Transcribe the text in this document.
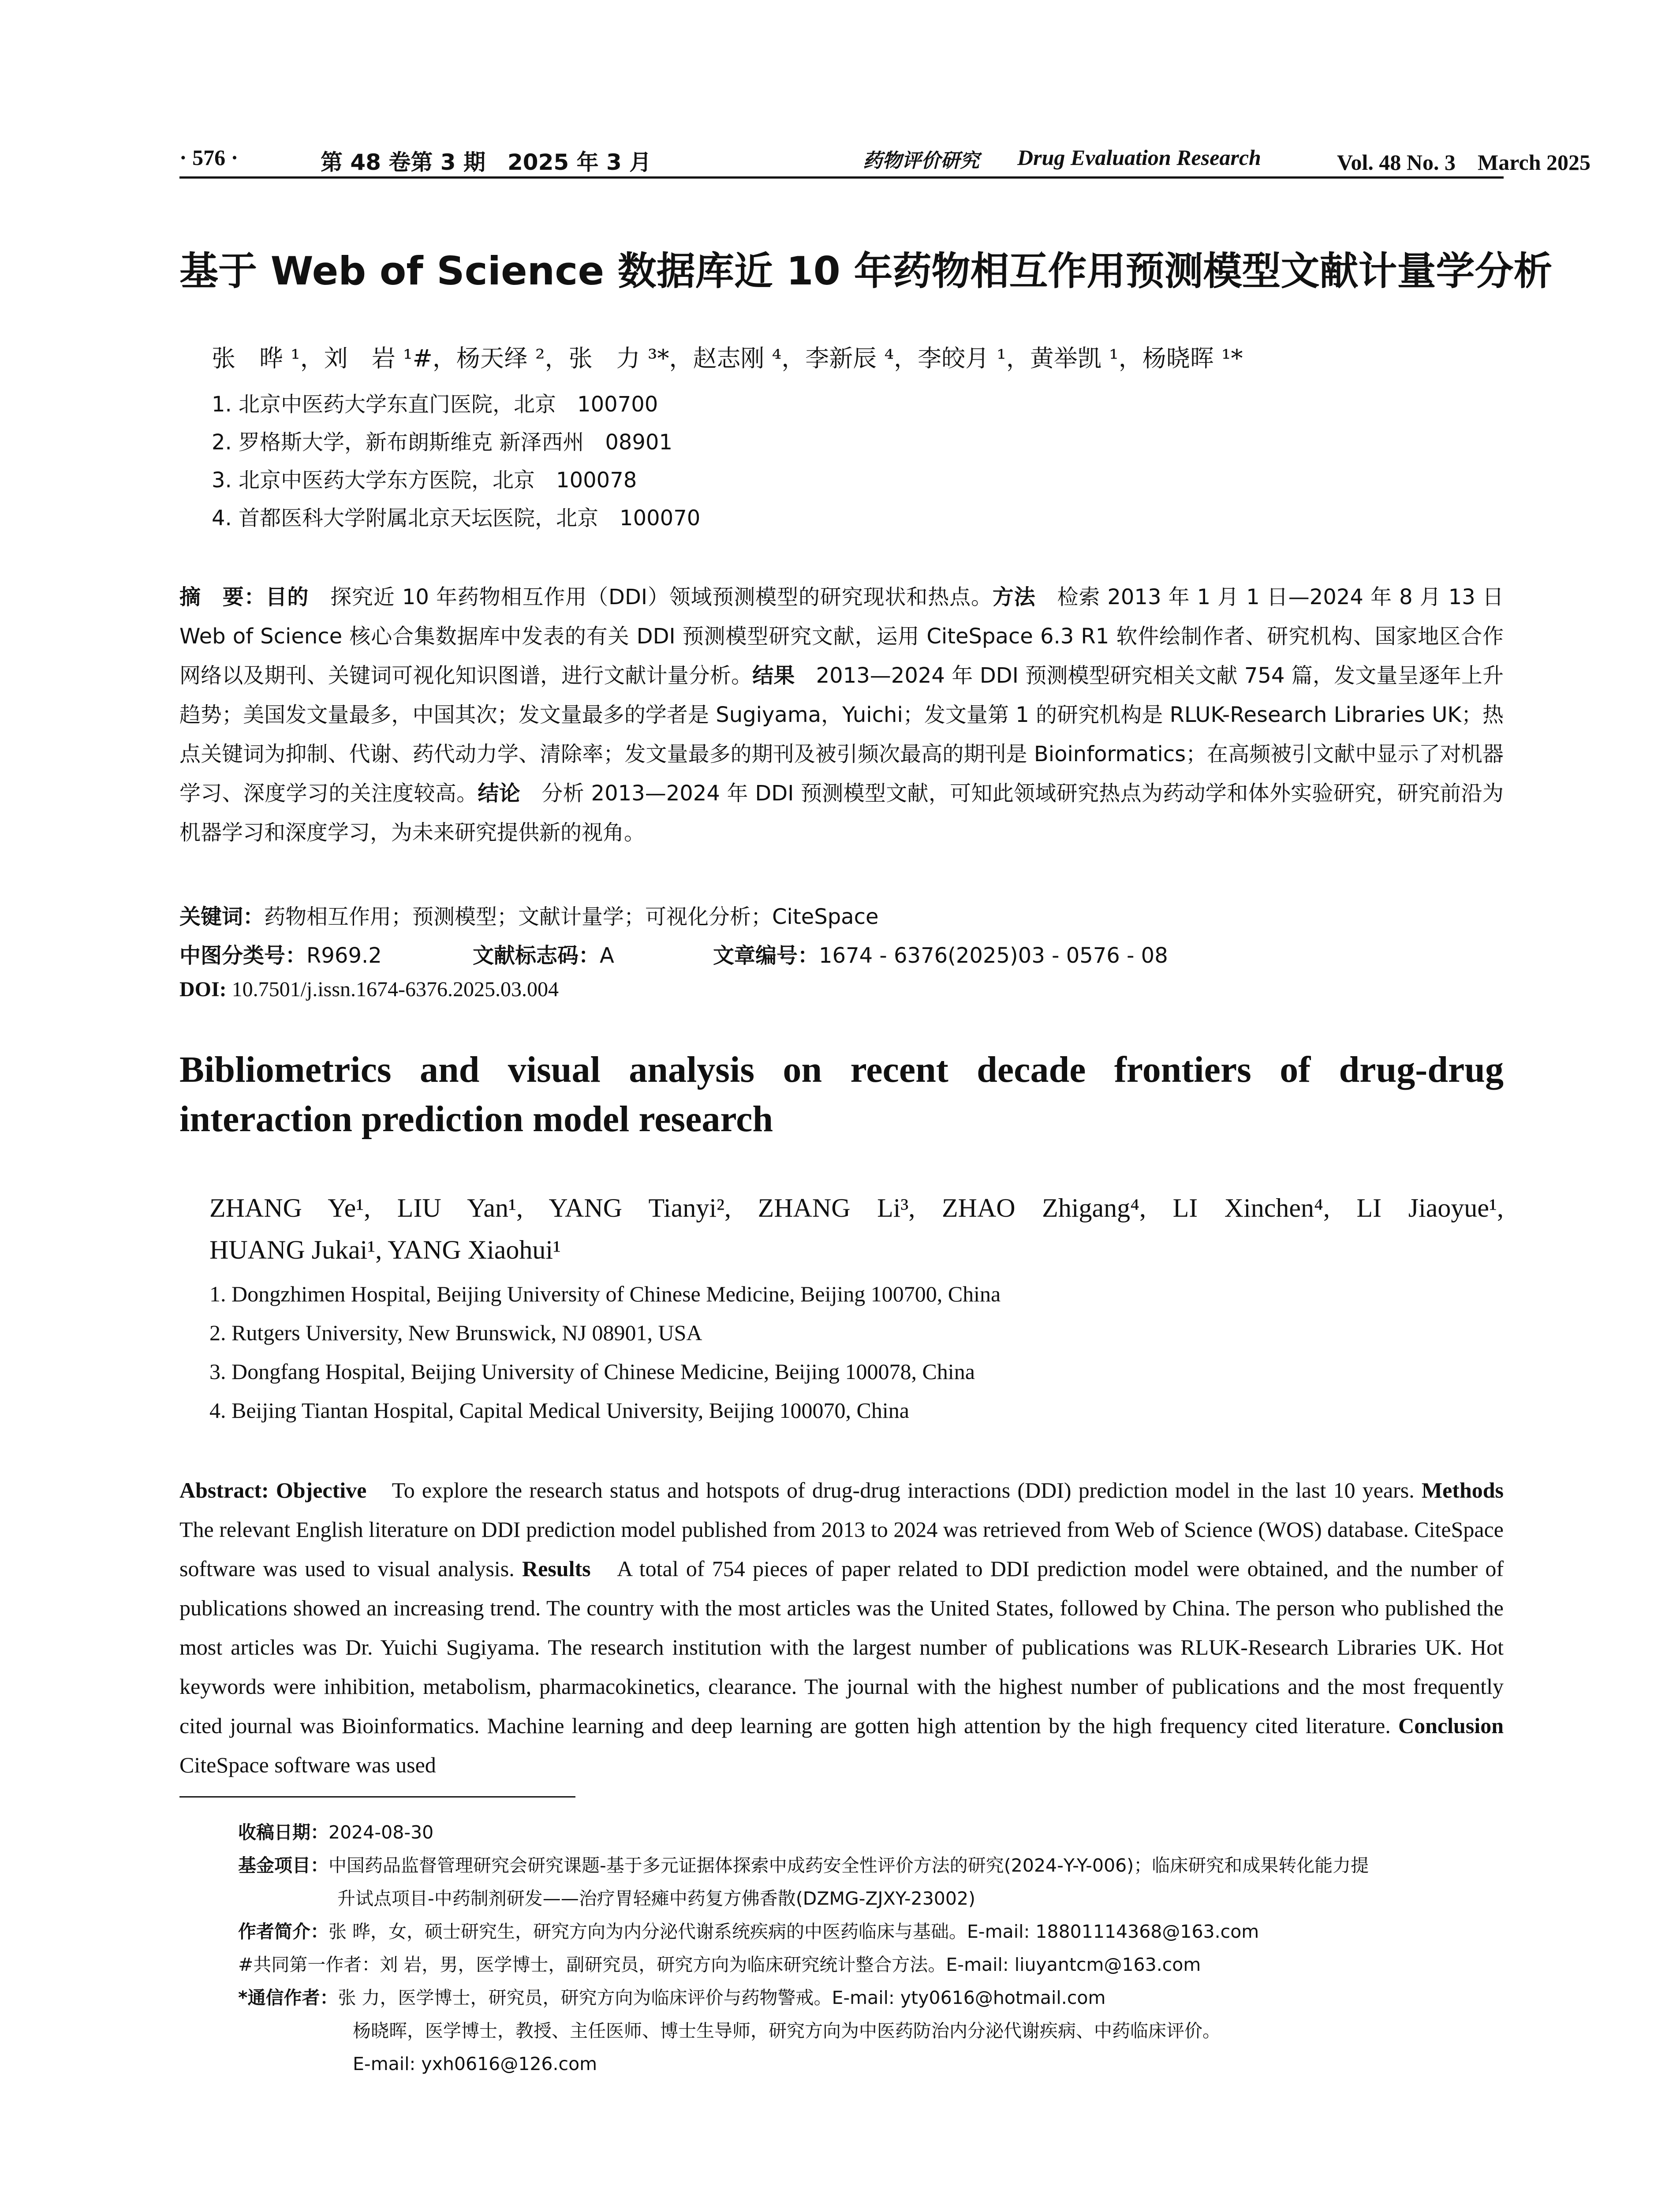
· 576 ·	第 48 卷第 3 期　2025 年 3 月	药物评价研究 Drug Evaluation Research	Vol. 48 No. 3　March 2025
基于 Web of Science 数据库近 10 年药物相互作用预测模型文献计量学分析
张　晔 ¹，刘　岩 ¹#，杨天绎 ²，张　力 ³*，赵志刚 ⁴，李新辰 ⁴，李皎月 ¹，黄举凯 ¹，杨晓晖 ¹*
1. 北京中医药大学东直门医院，北京　100700
2. 罗格斯大学，新布朗斯维克 新泽西州　08901
3. 北京中医药大学东方医院，北京　100078
4. 首都医科大学附属北京天坛医院，北京　100070
摘　要：目的　 探究近 10 年药物相互作用（DDI）领域预测模型的研究现状和热点。方法　 检索 2013 年 1 月 1 日—2024 年 8 月 13 日 Web of Science 核心合集数据库中发表的有关 DDI 预测模型研究文献，运用 CiteSpace 6.3 R1 软件绘制作者、研究机构、国家地区合作网络以及期刊、关键词可视化知识图谱，进行文献计量分析。结果　 2013—2024 年 DDI 预测模型研究相关文献 754 篇，发文量呈逐年上升趋势；美国发文量最多，中国其次；发文量最多的学者是 Sugiyama，Yuichi；发文量第 1 的研究机构是 RLUK-Research Libraries UK；热点关键词为抑制、代谢、药代动力学、清除率；发文量最多的期刊及被引频次最高的期刊是 Bioinformatics；在高频被引文献中显示了对机器学习、深度学习的关注度较高。结论　 分析 2013—2024 年 DDI 预测模型文献，可知此领域研究热点为药动学和体外实验研究，研究前沿为机器学习和深度学习，为未来研究提供新的视角。
关键词：药物相互作用；预测模型；文献计量学；可视化分析；CiteSpace
中图分类号：R969.2	文献标志码：A	文章编号：1674 - 6376(2025)03 - 0576 - 08
DOI: 10.7501/j.issn.1674-6376.2025.03.004
Bibliometrics and visual analysis on recent decade frontiers of drug-drug interaction prediction model research
ZHANG Ye¹, LIU Yan¹, YANG Tianyi², ZHANG Li³, ZHAO Zhigang⁴, LI Xinchen⁴, LI Jiaoyue¹,
HUANG Jukai¹, YANG Xiaohui¹
1. Dongzhimen Hospital, Beijing University of Chinese Medicine, Beijing 100700, China
2. Rutgers University, New Brunswick, NJ 08901, USA
3. Dongfang Hospital, Beijing University of Chinese Medicine, Beijing 100078, China
4. Beijing Tiantan Hospital, Capital Medical University, Beijing 100070, China
Abstract: Objective　 To explore the research status and hotspots of drug-drug interactions (DDI) prediction model in the last 10 years. Methods　The relevant English literature on DDI prediction model published from 2013 to 2024 was retrieved from Web of Science (WOS) database. CiteSpace software was used to visual analysis. Results　 A total of 754 pieces of paper related to DDI prediction model were obtained, and the number of publications showed an increasing trend. The country with the most articles was the United States, followed by China. The person who published the most articles was Dr. Yuichi Sugiyama. The research institution with the largest number of publications was RLUK-Research Libraries UK. Hot keywords were inhibition, metabolism, pharmacokinetics, clearance. The journal with the highest number of publications and the most frequently cited journal was Bioinformatics. Machine learning and deep learning are gotten high attention by the high frequency cited literature. Conclusion　CiteSpace software was used
收稿日期：2024-08-30
基金项目：中国药品监督管理研究会研究课题-基于多元证据体探索中成药安全性评价方法的研究(2024-Y-Y-006)；临床研究和成果转化能力提
升试点项目-中药制剂研发——治疗胃轻瘫中药复方佛香散(DZMG-ZJXY-23002)
作者简介：张 晔，女，硕士研究生，研究方向为内分泌代谢系统疾病的中医药临床与基础。E-mail: 18801114368@163.com
#共同第一作者：刘 岩，男，医学博士，副研究员，研究方向为临床研究统计整合方法。E-mail: liuyantcm@163.com
*通信作者：张 力，医学博士，研究员，研究方向为临床评价与药物警戒。E-mail: yty0616@hotmail.com
杨晓晖，医学博士，教授、主任医师、博士生导师，研究方向为中医药防治内分泌代谢疾病、中药临床评价。
E-mail: yxh0616@126.com
